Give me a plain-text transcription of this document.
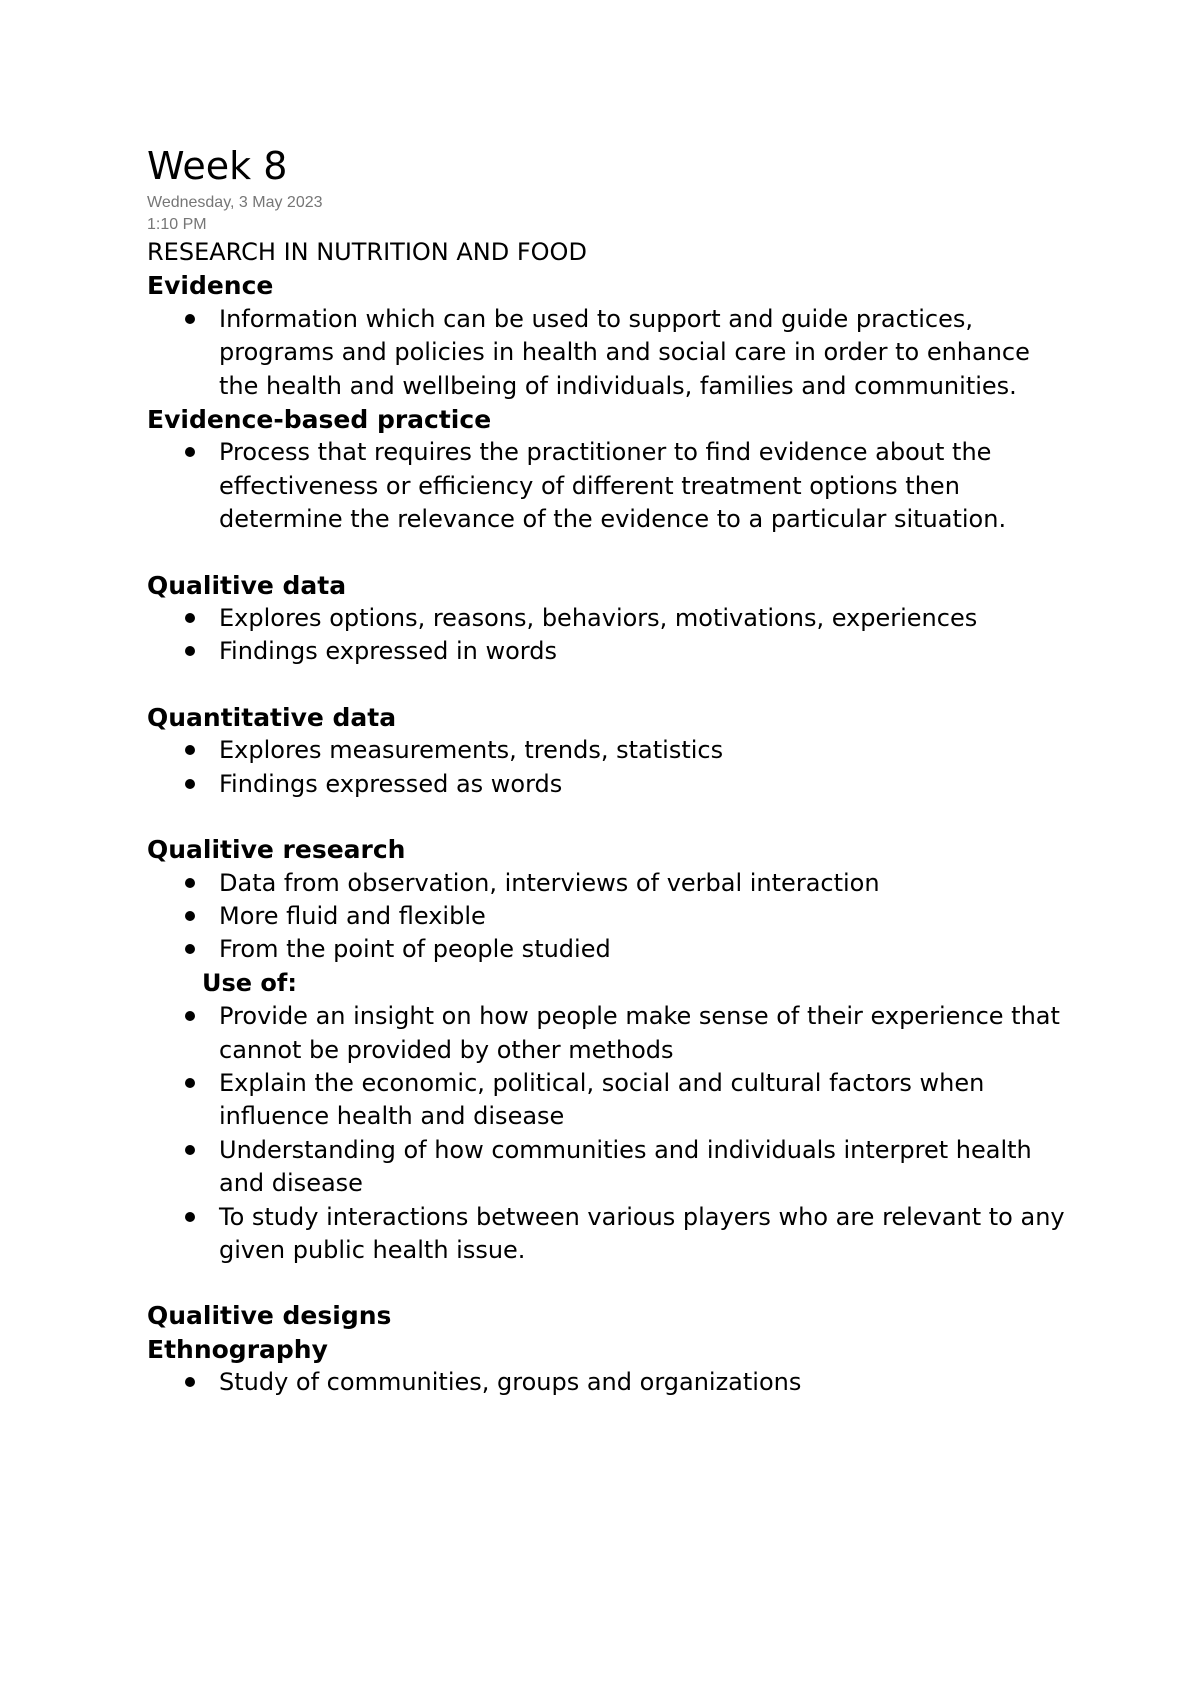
Week 8
Wednesday, 3 May 2023
1:10 PM
RESEARCH IN NUTRITION AND FOOD
Evidence
Information which can be used to support and guide practices, programs and policies in health and social care in order to enhance the health and wellbeing of individuals, families and communities.
Evidence-based practice
Process that requires the practitioner to find evidence about the effectiveness or efficiency of different treatment options then determine the relevance of the evidence to a particular situation.
Qualitive data
Explores options, reasons, behaviors, motivations, experiences
Findings expressed in words
Quantitative data
Explores measurements, trends, statistics
Findings expressed as words
Qualitive research
Data from observation, interviews of verbal interaction
More fluid and flexible
From the point of people studied
Use of:
Provide an insight on how people make sense of their experience that cannot be provided by other methods
Explain the economic, political, social and cultural factors when influence health and disease
Understanding of how communities and individuals interpret health and disease
To study interactions between various players who are relevant to any given public health issue.
Qualitive designs
Ethnography
Study of communities, groups and organizations
